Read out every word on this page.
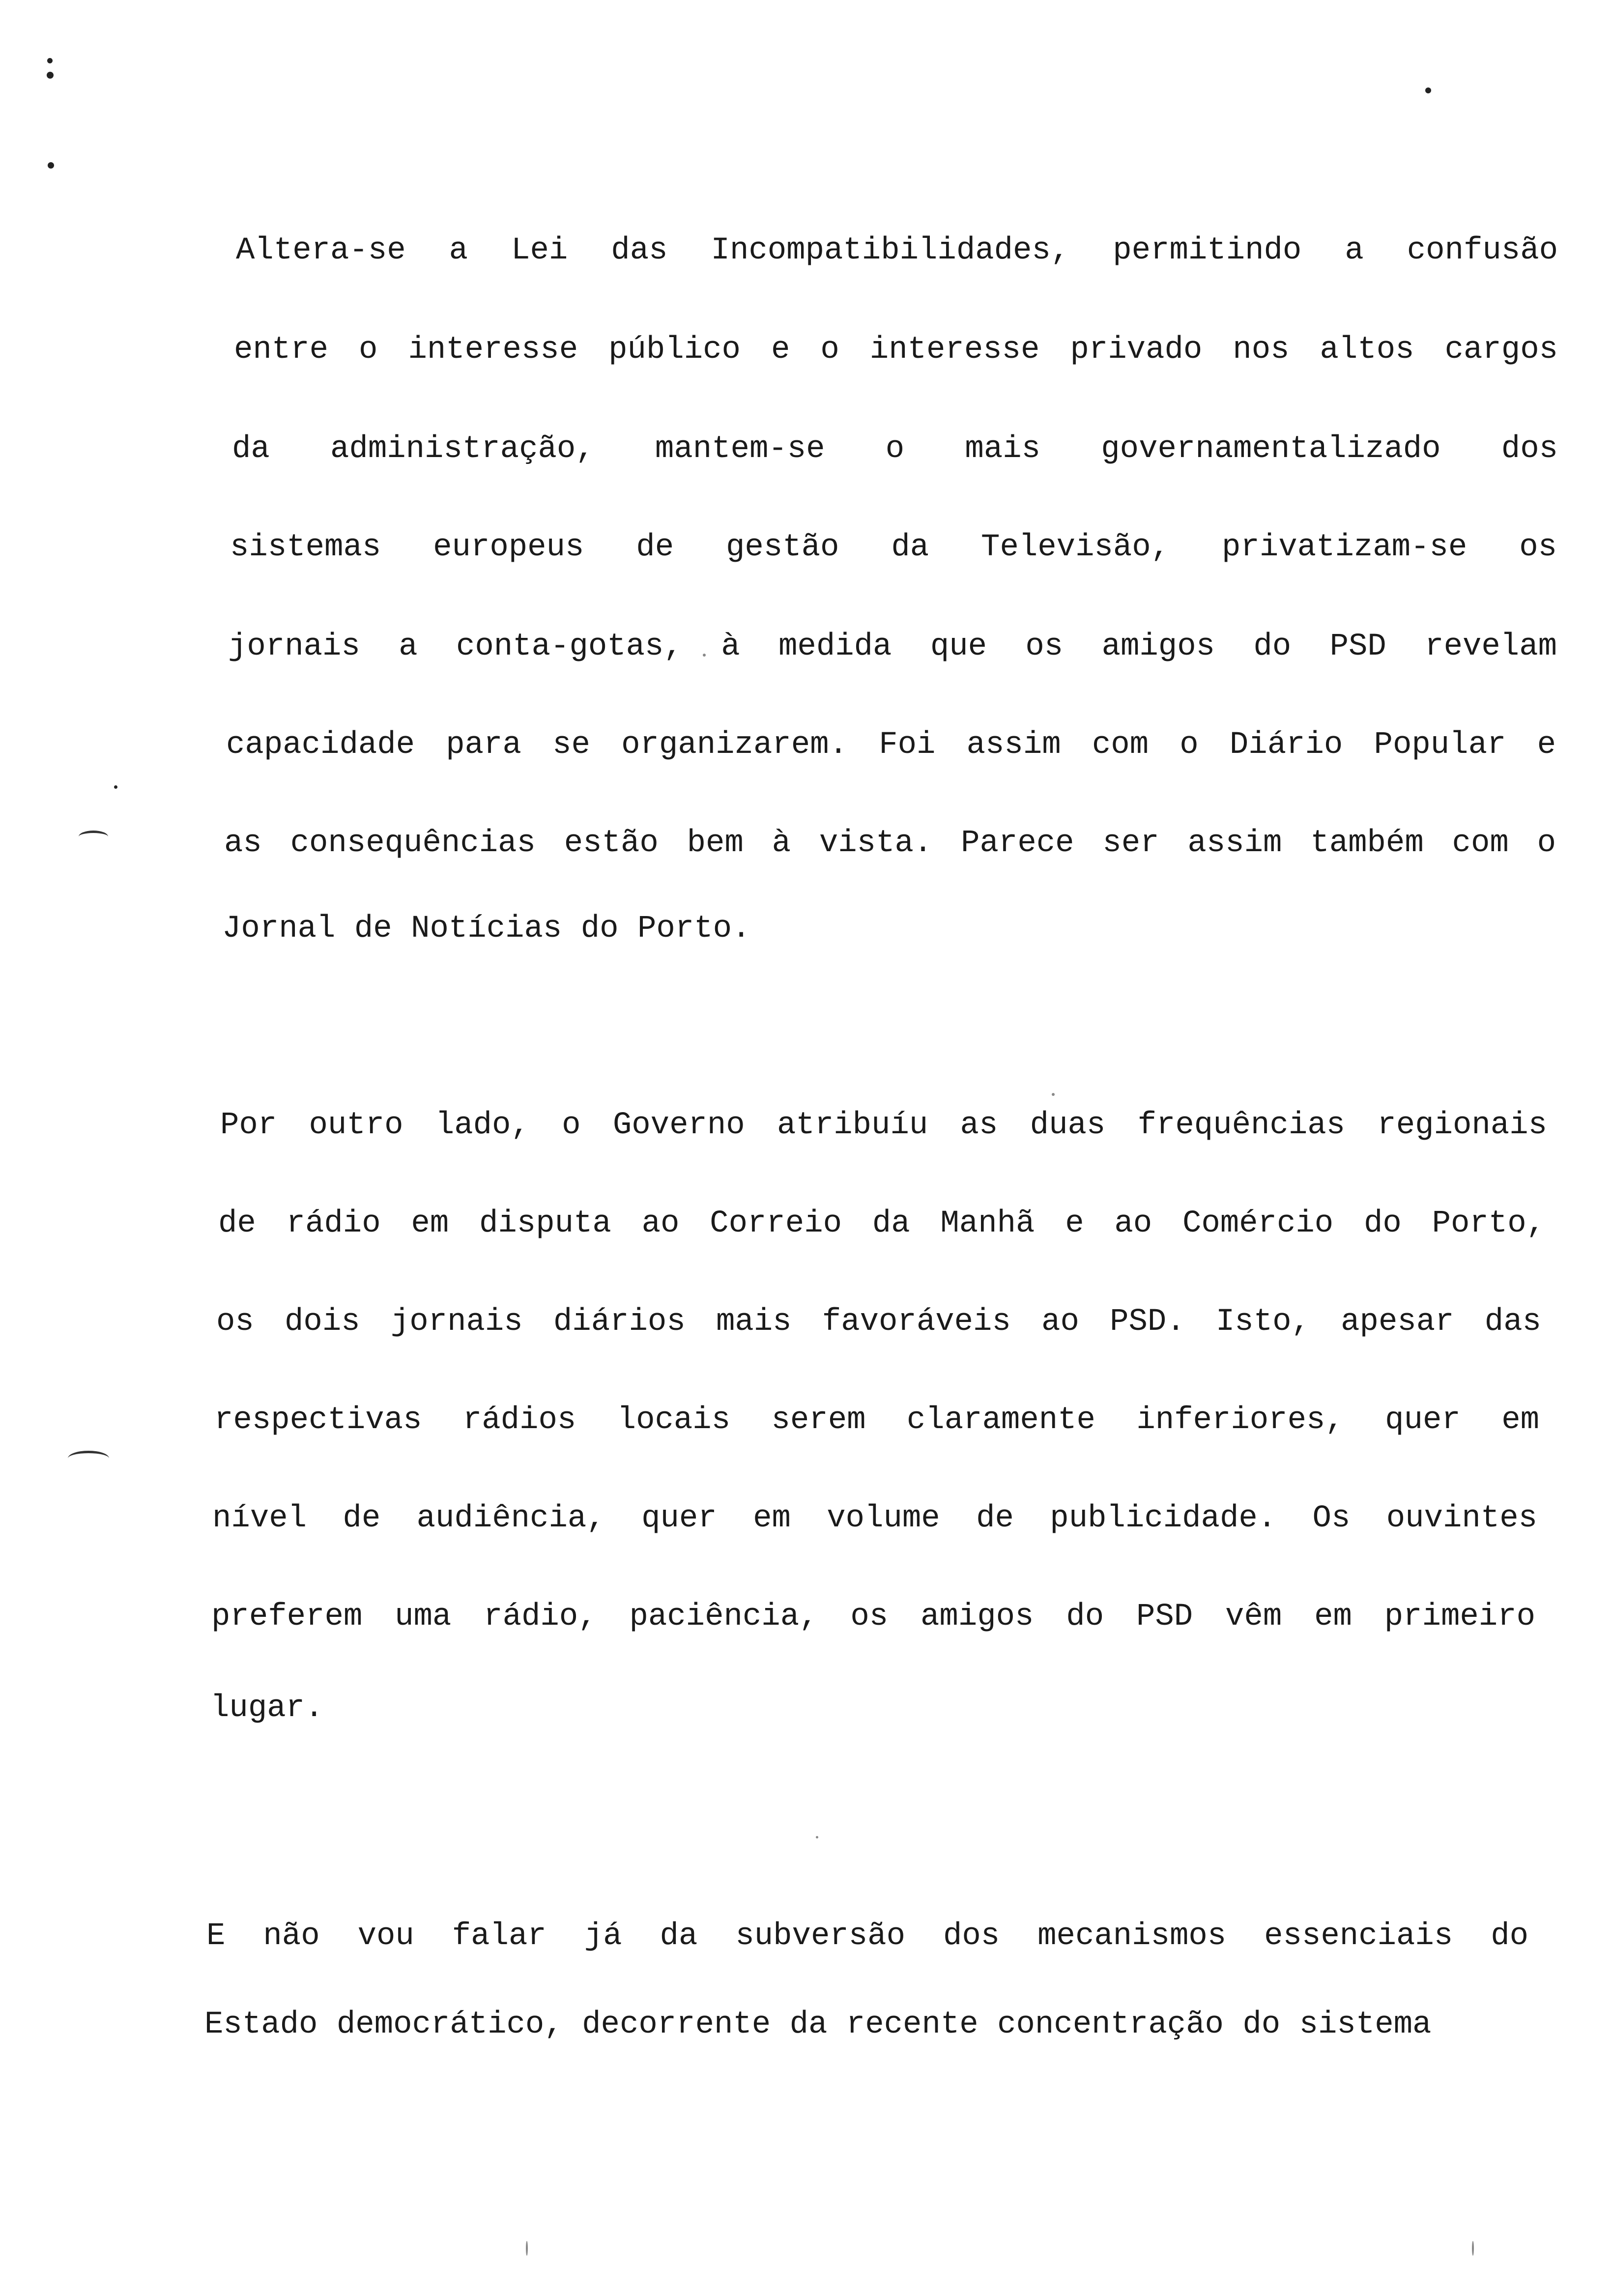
Altera-se a Lei das Incompatibilidades, permitindo a confusão

entre o interesse público e o interesse privado nos altos cargos

da administração, mantem-se o mais governamentalizado dos

sistemas europeus de gestão da Televisão, privatizam-se os

jornais a conta-gotas, à medida que os amigos do PSD revelam

capacidade para se organizarem. Foi assim com o Diário Popular e

as consequências estão bem à vista. Parece ser assim também com o

Jornal de Notícias do Porto.

Por outro lado, o Governo atribuíu as duas frequências regionais

de rádio em disputa ao Correio da Manhã e ao Comércio do Porto,

os dois jornais diários mais favoráveis ao PSD. Isto, apesar das

respectivas rádios locais serem claramente inferiores, quer em

nível de audiência, quer em volume de publicidade. Os ouvintes

preferem uma rádio, paciência, os amigos do PSD vêm em primeiro

lugar.

E não vou falar já da subversão dos mecanismos essenciais do

Estado democrático, decorrente da recente concentração do sistema
